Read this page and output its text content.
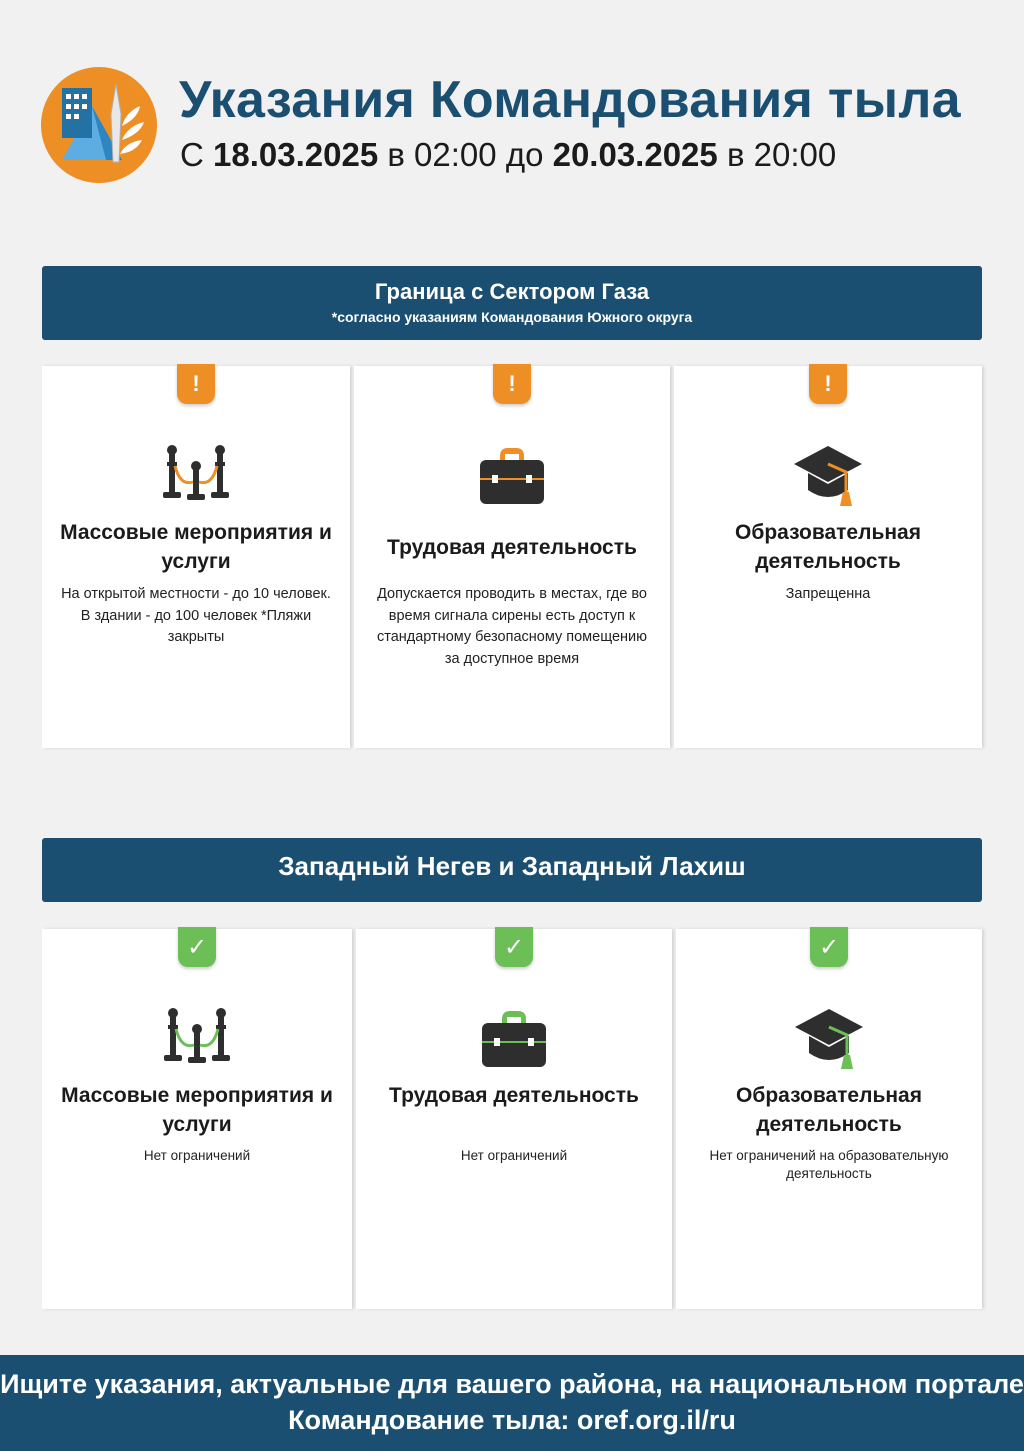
Указания Командования тыла
С 18.03.2025 в 02:00 до 20.03.2025 в 20:00
Граница с Сектором Газа
*согласно указаниям Командования Южного округа
!
Массовые мероприятия и услуги
На открытой местности - до 10 человек. В здании - до 100 человек *Пляжи закрыты
!
Трудовая деятельность
Допускается проводить в местах, где во время сигнала сирены есть доступ к стандартному безопасному помещению за доступное время
!
Образовательная деятельность
Запрещенна
Западный Негев и Западный Лахиш
✓
Массовые мероприятия и услуги
Нет ограничений
✓
Трудовая деятельность
Нет ограничений
✓
Образовательная деятельность
Нет ограничений на образовательную деятельность
Ищите указания, актуальные для вашего района, на национальном портале Командование тыла: oref.org.il/ru
